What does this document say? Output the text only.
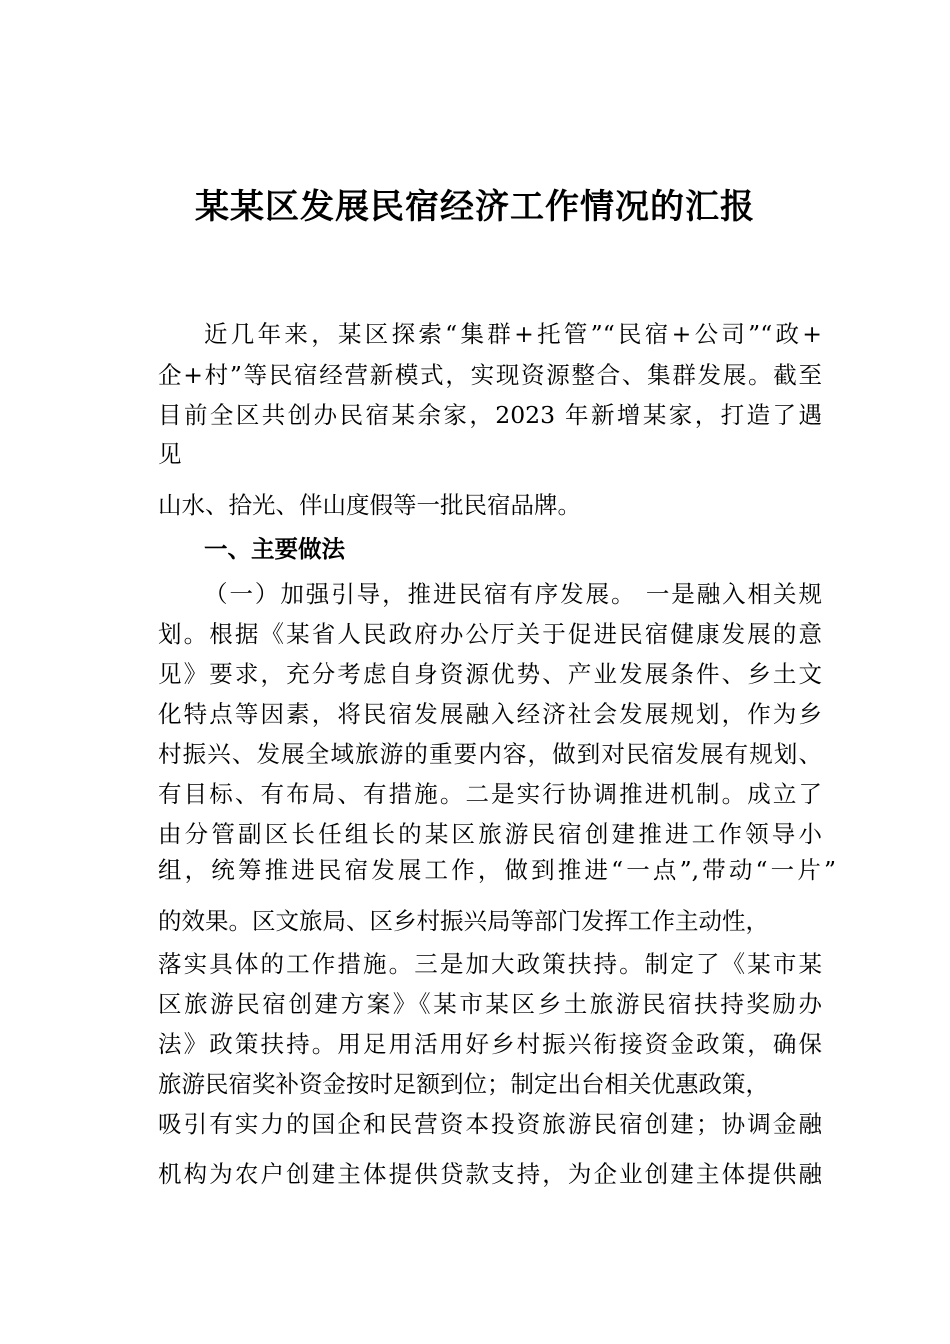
某某区发展民宿经济工作情况的汇报
近几年来，某区探索“集群+托管”“民宿+公司”“政+
企+村”等民宿经营新模式，实现资源整合、集群发展。截至
目前全区共创办民宿某余家，2023 年新增某家，打造了遇
见
山水、拾光、伴山度假等一批民宿品牌。
一、主要做法
（一）加强引导，推进民宿有序发展。 一是融入相关规
划。根据《某省人民政府办公厅关于促进民宿健康发展的意
见》要求，充分考虑自身资源优势、产业发展条件、乡土文
化特点等因素，将民宿发展融入经济社会发展规划，作为乡
村振兴、发展全域旅游的重要内容，做到对民宿发展有规划、
有目标、有布局、有措施。二是实行协调推进机制。成立了
由分管副区长任组长的某区旅游民宿创建推进工作领导小
组，统筹推进民宿发展工作，做到推进“一点”,带动“一片”
的效果。区文旅局、区乡村振兴局等部门发挥工作主动性，
落实具体的工作措施。三是加大政策扶持。制定了《某市某
区旅游民宿创建方案》《某市某区乡土旅游民宿扶持奖励办
法》政策扶持。用足用活用好乡村振兴衔接资金政策，确保
旅游民宿奖补资金按时足额到位；制定出台相关优惠政策，
吸引有实力的国企和民营资本投资旅游民宿创建；协调金融
机构为农户创建主体提供贷款支持，为企业创建主体提供融
